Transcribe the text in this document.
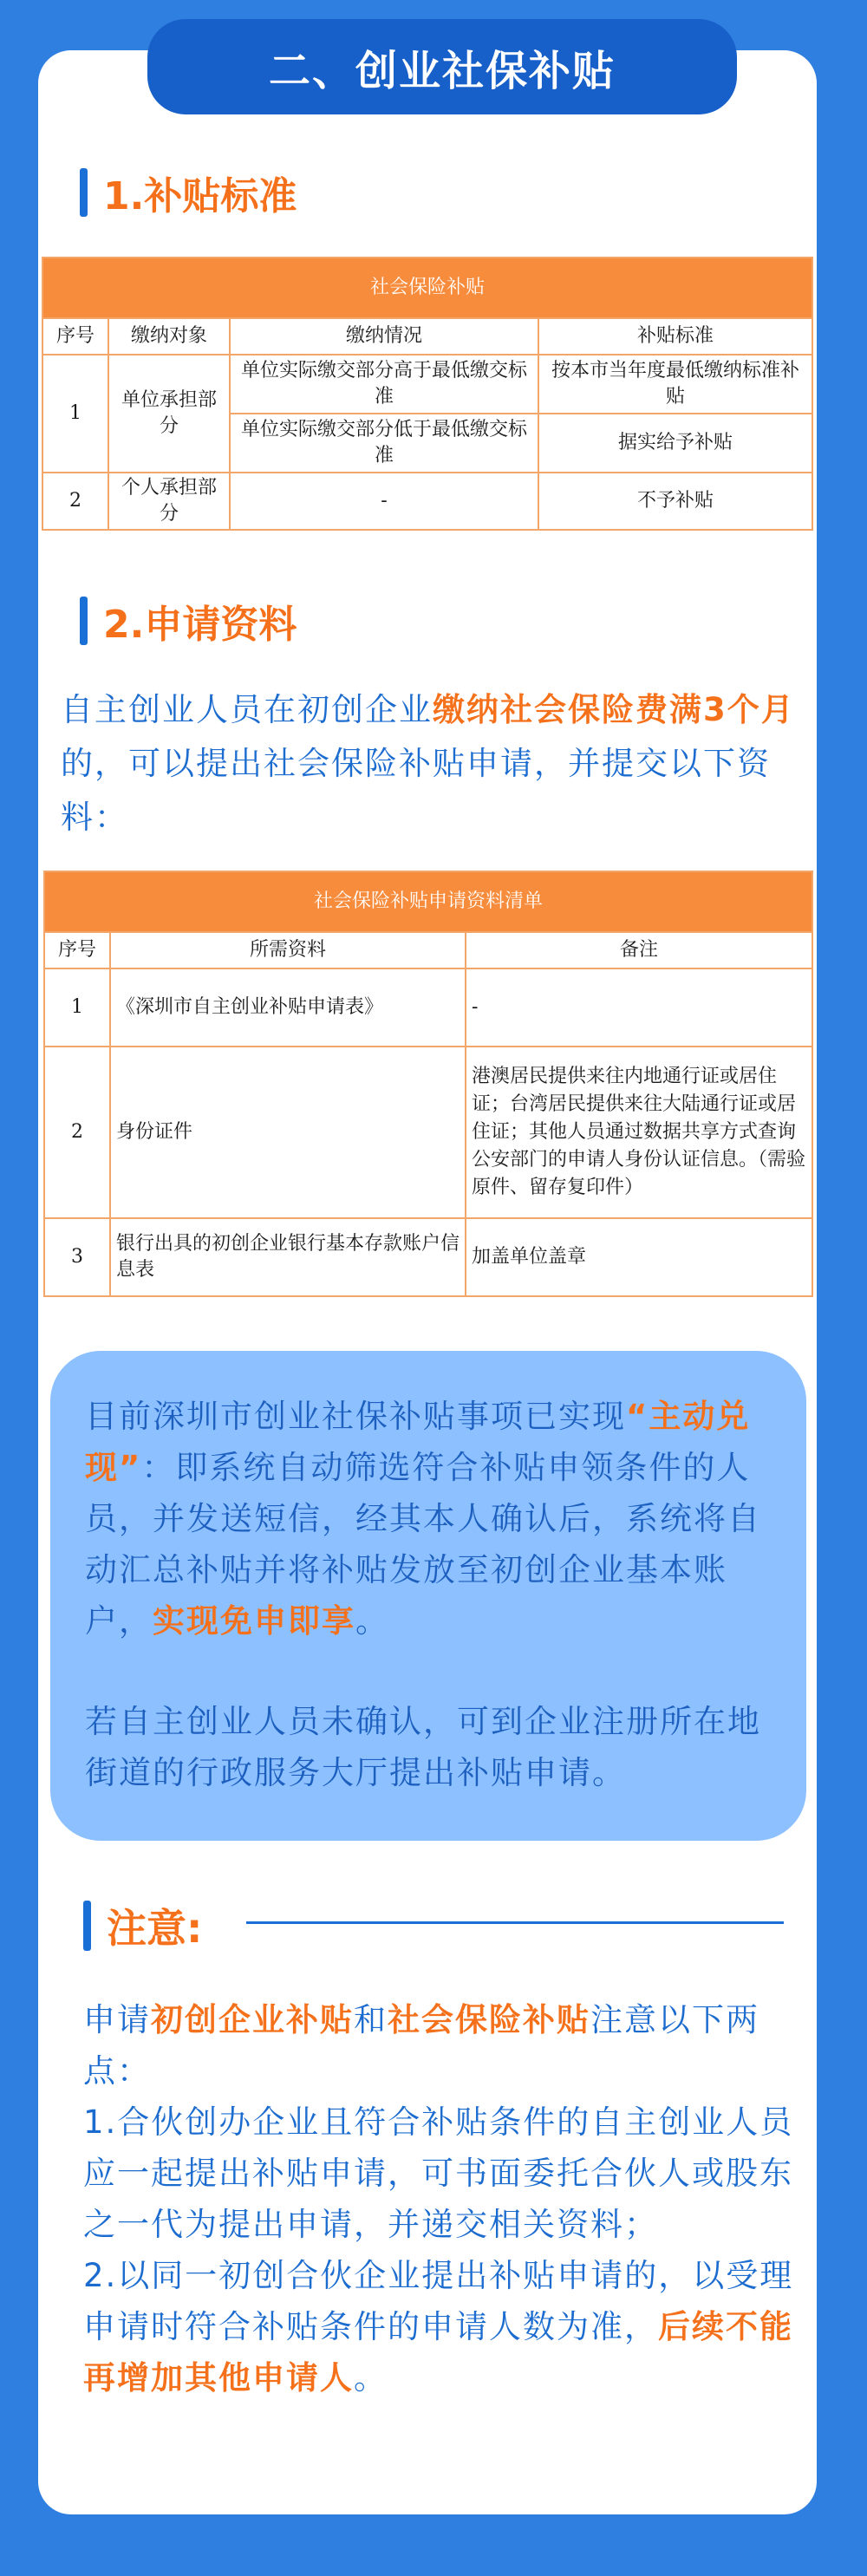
二、创业社保补贴
1.补贴标准
社会保险补贴			
序号	缴纳对象	缴纳情况	补贴标准
1	单位承担部分	单位实际缴交部分高于最低缴交标准	按本市当年度最低缴纳标准补贴
		单位实际缴交部分低于最低缴交标准	据实给予补贴
2	个人承担部分	-	不予补贴
2.申请资料
自主创业人员在初创企业缴纳社会保险费满3个月的，可以提出社会保险补贴申请，并提交以下资料：
社会保险补贴申请资料清单		
序号	所需资料	备注
1	《深圳市自主创业补贴申请表》	-
2	身份证件	港澳居民提供来往内地通行证或居住证；台湾居民提供来往大陆通行证或居住证；其他人员通过数据共享方式查询公安部门的申请人身份认证信息。（需验原件、留存复印件）
3	银行出具的初创企业银行基本存款账户信息表	加盖单位盖章
目前深圳市创业社保补贴事项已实现“主动兑现”：即系统自动筛选符合补贴申领条件的人员，并发送短信，经其本人确认后，系统将自动汇总补贴并将补贴发放至初创企业基本账户，实现免申即享。
若自主创业人员未确认，可到企业注册所在地街道的行政服务大厅提出补贴申请。
注意:
申请初创企业补贴和社会保险补贴注意以下两点：
1.合伙创办企业且符合补贴条件的自主创业人员应一起提出补贴申请，可书面委托合伙人或股东之一代为提出申请，并递交相关资料；
2.以同一初创合伙企业提出补贴申请的，以受理申请时符合补贴条件的申请人数为准，后续不能再增加其他申请人。
